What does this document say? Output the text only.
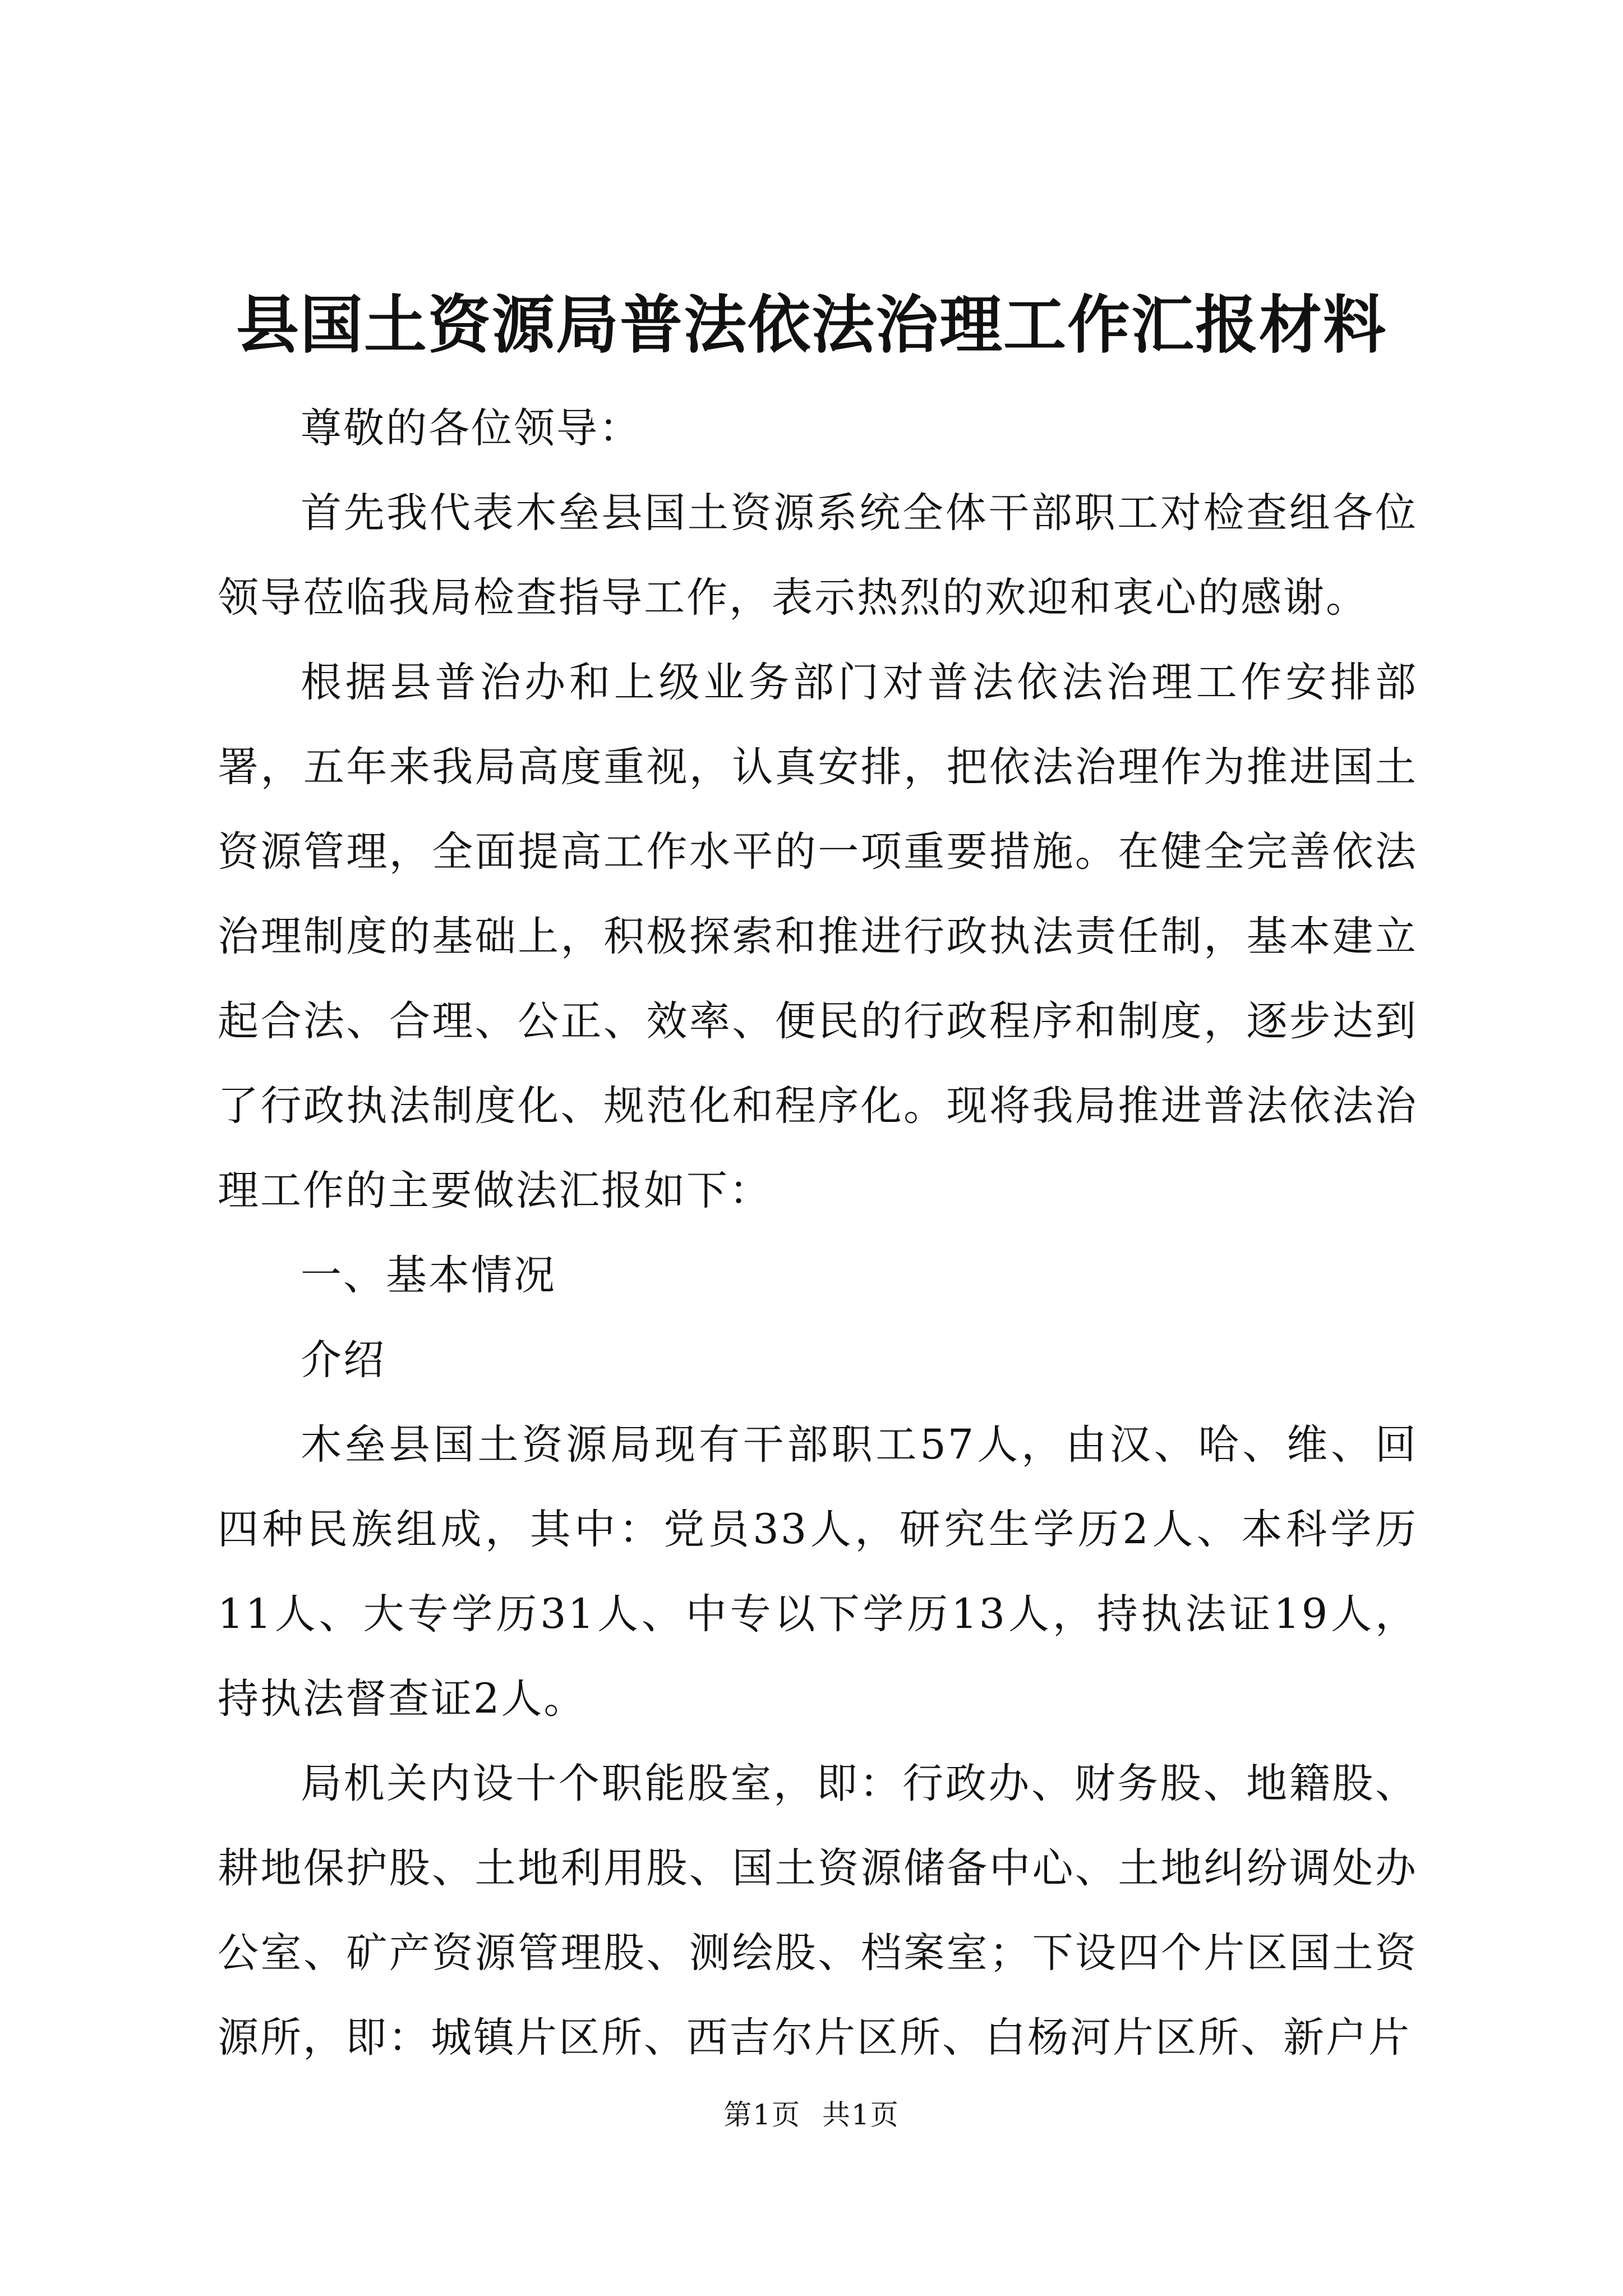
县国土资源局普法依法治理工作汇报材料

尊敬的各位领导：

首先我代表木垒县国土资源系统全体干部职工对检查组各位领导莅临我局检查指导工作，表示热烈的欢迎和衷心的感谢。

根据县普治办和上级业务部门对普法依法治理工作安排部署，五年来我局高度重视，认真安排，把依法治理作为推进国土资源管理，全面提高工作水平的一项重要措施。在健全完善依法治理制度的基础上，积极探索和推进行政执法责任制，基本建立起合法、合理、公正、效率、便民的行政程序和制度，逐步达到了行政执法制度化、规范化和程序化。现将我局推进普法依法治理工作的主要做法汇报如下：

一、基本情况

介绍

木垒县国土资源局现有干部职工57人，由汉、哈、维、回四种民族组成，其中：党员33人，研究生学历2人、本科学历11人、大专学历31人、中专以下学历13人，持执法证19人，持执法督查证2人。

局机关内设十个职能股室，即：行政办、财务股、地籍股、耕地保护股、土地利用股、国土资源储备中心、土地纠纷调处办公室、矿产资源管理股、测绘股、档案室；下设四个片区国土资源所，即：城镇片区所、西吉尔片区所、白杨河片区所、新户片

第1页 共1页
